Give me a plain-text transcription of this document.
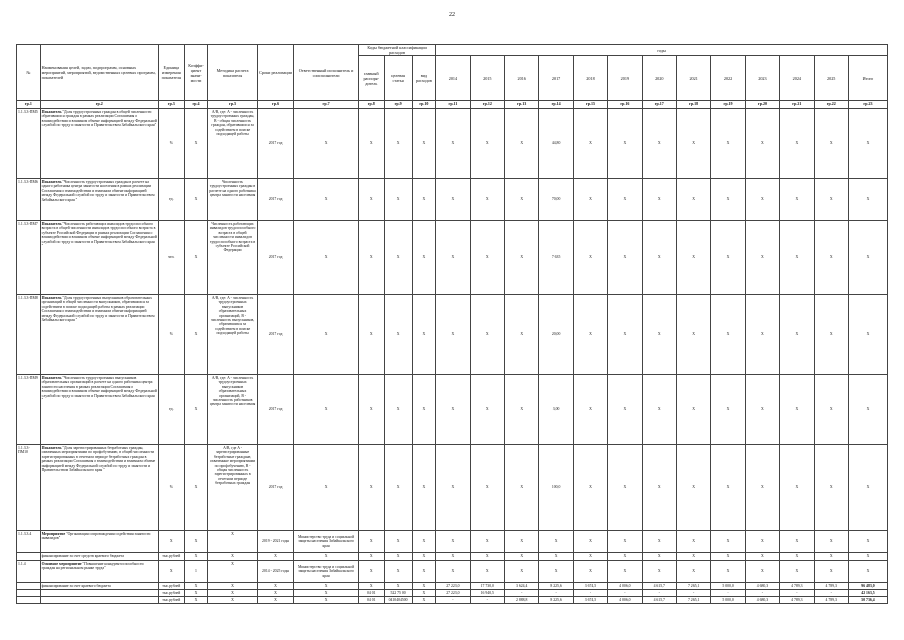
22
№	Наименования целей, задач, подпрограмм, основных мероприятий, мероприятий, ведомственных целевых программ, показателей	Единица измерения показателя	Коэффи-циент значи-мости	Методика расчета показателя	Сроки реализации	Ответственный исполнитель и соисполнители	Коды бюджетной классификации расходов			годы												
							главный распоря-дитель	целевая статья	вид расходов	2014	2015	2016	2017	2018	2019	2020	2021	2022	2023	2024	2025	Итого

гр.1	гр.2	гр.3	гр.4	гр.5	гр.6	гр.7	гр.8	гр.9	гр.10	гр.11	гр.12	гр.13	гр.14	гр.15	гр.16	гр.17	гр.18	гр.19	гр.20	гр.21	гр.22	гр.23
1.1.3.3-ПМ5	Показатель "Доля трудоустроенных граждан в общей численности обратившихся граждан в рамках реализации Соглашения о взаимодействии и взаимном обмене информацией между Федеральной службой по труду и занятости и Правительством Забайкальского края"	%	X	A/B, где: A - численность трудоустроенных граждан, B - общая численность граждан, обратившихся за содействием в поиске подходящей работы	2017 год	X	X	X	X	X	X	X	44,80	X	X	X	X	X	X	X	X	X
1.1.3.3-ПМ6	Показатель "Численность трудоустроенных граждан в расчете на одного работника центра занятости населения в рамках реализации Соглашения о взаимодействии и взаимном обмене информацией между Федеральной службой по труду и занятости и Правительством Забайкальского края "	ед.	X	Численность трудоустроенных граждан в расчете на одного работника центра занятости населения	2017 год	X	X	X	X	X	X	X	70,00	X	X	X	X	X	X	X	X	X
1.1.3.3-ПМ7	Показатель "Численность работающих инвалидов трудоспособного возраста в общей численности инвалидов трудоспособного возраста в субъекте Российской Федерации в рамках реализации Соглашения о взаимодействии и взаимном обмене информацией между Федеральной службой по труду и занятости и Правительством Забайкальского края "	чел.	X	Численность работающих инвалидов трудоспособного возраста в общей численности инвалидов трудоспособного возраста в субъекте Российской Федерации	2017 год	X	X	X	X	X	X	X	7 635	X	X	X	X	X	X	X	X	X
1.1.3.3-ПМ8	Показатель "Доля трудоустроенных выпускников образовательных организаций в общей численности выпускников, обратившихся за содействием в поиске подходящей работы в рамках реализации Соглашения о взаимодействии и взаимном обмене информацией между Федеральной службой по труду и занятости и Правительством Забайкальского края "	%	X	A/B, где: A - численность трудоустроенных выпускников образовательных организаций, B - численность выпускников, обратившихся за содействием в поиске подходящей работы	2017 год	X	X	X	X	X	X	X	20,00	X	X	X	X	X	X	X	X	X
1.1.3.3-ПМ9	Показатель "Численность трудоустроенных выпускников образовательных организаций в расчете на одного работника центра занятости населения в рамках реализации Соглашения о взаимодействии и взаимном обмене информацией между Федеральной службой по труду и занятости и Правительством Забайкальского края "	ед.	X	A/B, где: A - численность трудоустроенных выпускников образовательных организаций, B - численность работников центра занятости населения	2017 год	X	X	X	X	X	X	X	3,00	X	X	X	X	X	X	X	X	X
1.1.3.3-ПМ10	Показатель "Доля зарегистрированных безработных граждан, охваченных мероприятиями по профобучению, в общей численности зарегистрированных в отчетном периоде безработных граждан в рамках реализации Соглашения о взаимодействии и взаимном обмене информацией между Федеральной службой по труду и занятости и Правительством Забайкальского края "	%	X	A/B, где A - зарегистрированные безработные граждане, охваченные мероприятиями по профобучению, B - общая численность зарегистрированных в отчетном периоде безработных граждан	2017 год	X	X	X	X	X	X	X	100,0	X	X	X	X	X	X	X	X	X
1.1.3.3.4	Мероприятие "Организация сопровождения содействия занятости инвалидов"	X	X	X	2019 - 2021 годы	Министерство труда и социальной защиты населения Забайкальского края	X	X	X	X	X	X	X	X	X	X	X	X	X	X	X	X
	финансирование за счет средств краевого бюджета	тыс.рублей	X	X	X	X	X	X	X	X	X	X	X	X	X	X	X	X	X	X	X	X
1.1.4	Основное мероприятие "Повышение конкурентоспособности граждан на региональном рынке труда"	X	1	X	2014 - 2025 годы	Министерство труда и социальной защиты населения Забайкальского края	X	X	X	X	X	X	X	X	X	X	X	X	X	X	X	X
	финансирование за счет краевого бюджета	тыс.рублей	X	X	X	X	X	X	X	27 223,0	17 730,0	3 624,4	8 225,6	3 674,5	4 006,0	4 615,7	7 265,1	5 000,0	4 680,3	4 789,3	4 789,3	96 483,0
		тыс.рублей	X	X	X	X	04 01	522 75 00	X	27 223,0	16 940,5	-	-	-	-	-	-	-	-	-	-	42 163,5
		тыс.рублей	X	X	X	X	04 01	0410404500	X	-	-	2 888,8	8 225,6	3 674,5	4 006,0	4 615,7	7 265,1	5 000,0	4 680,3	4 789,3	4 789,3	50 736,4
